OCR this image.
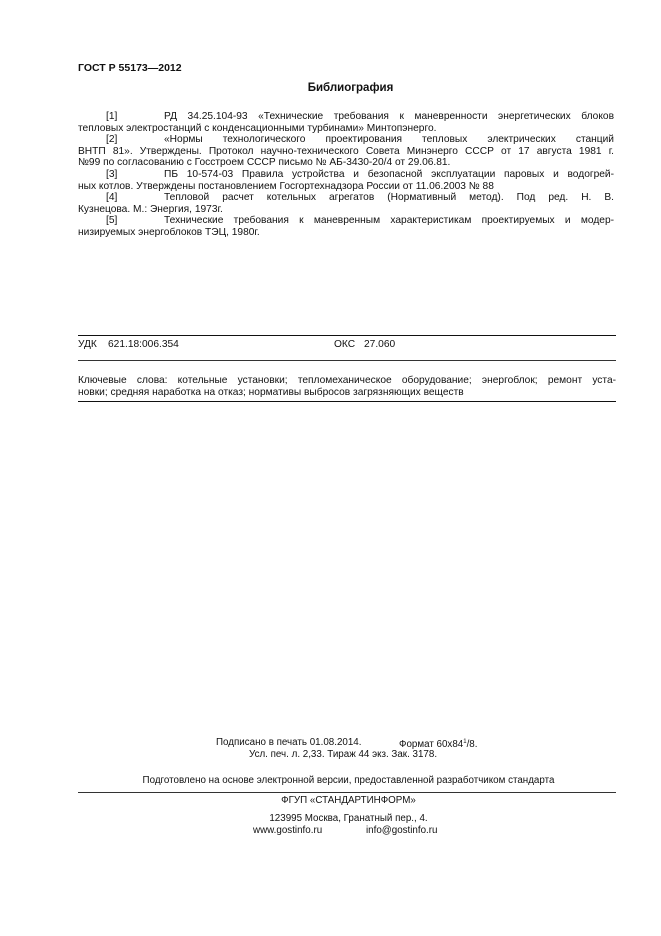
ГОСТ Р 55173—2012
Библиография
[1]	РД 34.25.104-93 «Технические требования к маневренности энергетических блоков
тепловых электростанций с конденсационными турбинами» Минтопэнерго.
[2]	«Нормы технологического проектирования тепловых электрических станций
ВНТП 81». Утверждены. Протокол научно-технического Совета Минэнерго СССР от 17 августа 1981 г.
№99 по согласованию с Госстроем СССР письмо № АБ-3430-20/4 от 29.06.81.
[3]	ПБ 10-574-03 Правила устройства и безопасной эксплуатации паровых и водогрей-
ных котлов. Утверждены постановлением Госгортехнадзора России от 11.06.2003 № 88
[4]	Тепловой расчет котельных агрегатов (Нормативный метод). Под ред. Н. В.
Кузнецова. М.: Энергия, 1973г.
[5]	Технические требования к маневренным характеристикам проектируемых и модер-
низируемых энергоблоков ТЭЦ, 1980г.
УДК 621.18:006.354	ОКС 27.060
Ключевые слова: котельные установки; тепломеханическое оборудование; энергоблок; ремонт уста-
новки; средняя наработка на отказ; нормативы выбросов загрязняющих веществ
Подписано в печать 01.08.2014.	Формат $60х84^1/8$.
Усл. печ. л. 2,33. Тираж 44 экз. Зак. 3178.
Подготовлено на основе электронной версии, предоставленной разработчиком стандарта
ФГУП «СТАНДАРТИНФОРМ»
123995 Москва, Гранатный пер., 4.
www.gostinfo.ru	info@gostinfo.ru
